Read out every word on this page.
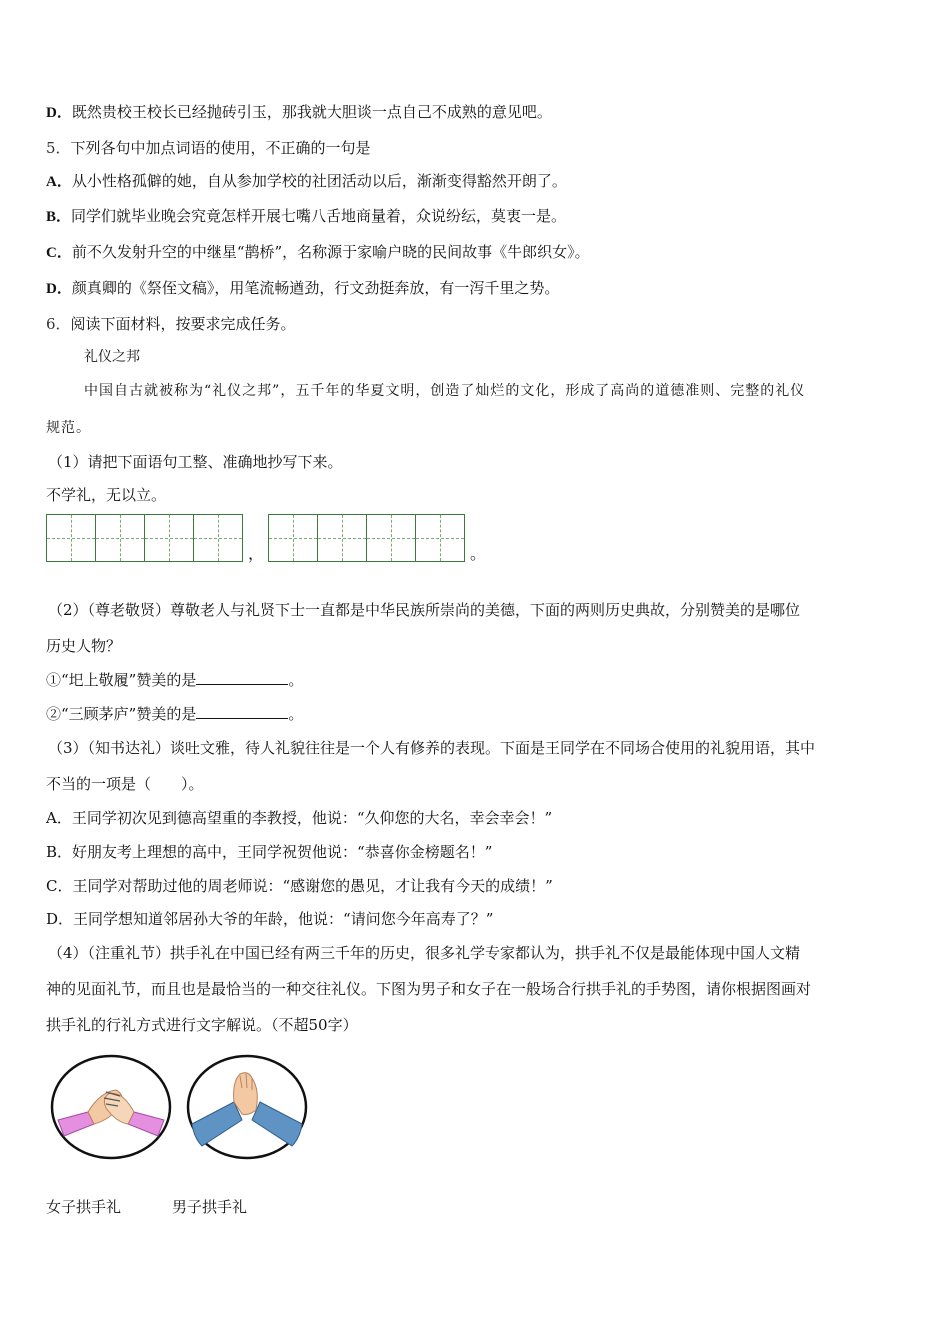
D．既然贵校王校长已经抛砖引玉，那我就大胆谈一点自己不成熟的意见吧。
5．下列各句中加点词语的使用，不正确的一句是
A．从小性格孤僻的她，自从参加学校的社团活动以后，渐渐变得豁然开朗了。
B．同学们就毕业晚会究竟怎样开展七嘴八舌地商量着，众说纷纭，莫衷一是。
C．前不久发射升空的中继星“鹊桥”，名称源于家喻户晓的民间故事《牛郎织女》。
D．颜真卿的《祭侄文稿》，用笔流畅遒劲，行文劲挺奔放，有一泻千里之势。
6．阅读下面材料，按要求完成任务。
礼仪之邦
中国自古就被称为“礼仪之邦”，五千年的华夏文明，创造了灿烂的文化，形成了高尚的道德准则、完整的礼仪
规范。
（1）请把下面语句工整、准确地抄写下来。
不学礼，无以立。
，	。
（2）（尊老敬贤）尊敬老人与礼贤下士一直都是中华民族所崇尚的美德，下面的两则历史典故，分别赞美的是哪位
历史人物？
①“圯上敬履”赞美的是	。
②“三顾茅庐”赞美的是	。
（3）（知书达礼）谈吐文雅，待人礼貌往往是一个人有修养的表现。下面是王同学在不同场合使用的礼貌用语，其中
不当的一项是（　　）。
A．王同学初次见到德高望重的李教授，他说：“久仰您的大名，幸会幸会！”
B．好朋友考上理想的高中，王同学祝贺他说：“恭喜你金榜题名！”
C．王同学对帮助过他的周老师说：“感谢您的愚见，才让我有今天的成绩！”
D．王同学想知道邻居孙大爷的年龄，他说：“请问您今年高寿了？”
（4）（注重礼节）拱手礼在中国已经有两三千年的历史，很多礼学专家都认为，拱手礼不仅是最能体现中国人文精
神的见面礼节，而且也是最恰当的一种交往礼仪。下图为男子和女子在一般场合行拱手礼的手势图，请你根据图画对
拱手礼的行礼方式进行文字解说。（不超50字）
女子拱手礼	男子拱手礼
